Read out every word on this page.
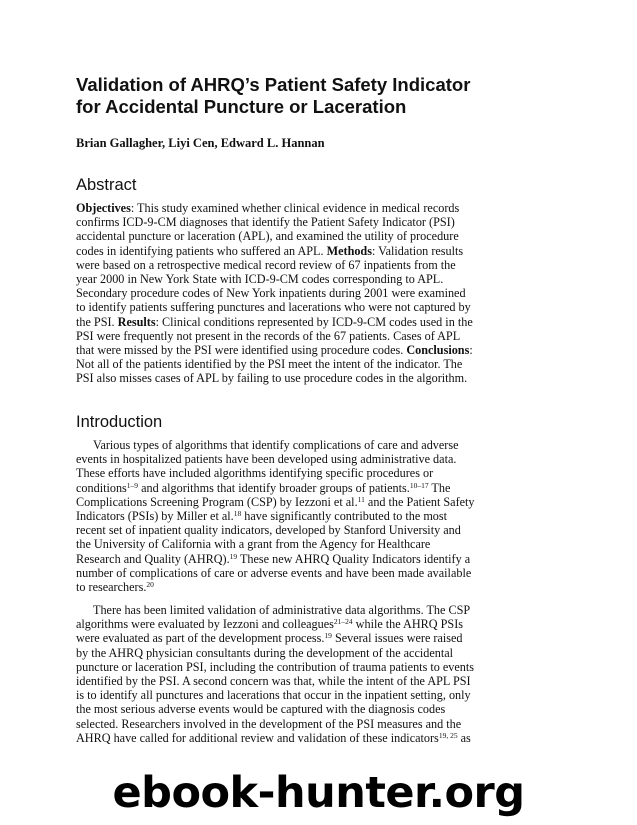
Validation of AHRQ’s Patient Safety Indicator
for Accidental Puncture or Laceration

Brian Gallagher, Liyi Cen, Edward L. Hannan

Abstract
Objectives: This study examined whether clinical evidence in medical records
confirms ICD-9-CM diagnoses that identify the Patient Safety Indicator (PSI)
accidental puncture or laceration (APL), and examined the utility of procedure
codes in identifying patients who suffered an APL. Methods: Validation results
were based on a retrospective medical record review of 67 inpatients from the
year 2000 in New York State with ICD-9-CM codes corresponding to APL.
Secondary procedure codes of New York inpatients during 2001 were examined
to identify patients suffering punctures and lacerations who were not captured by
the PSI. Results: Clinical conditions represented by ICD-9-CM codes used in the
PSI were frequently not present in the records of the 67 patients. Cases of APL
that were missed by the PSI were identified using procedure codes. Conclusions:
Not all of the patients identified by the PSI meet the intent of the indicator. The
PSI also misses cases of APL by failing to use procedure codes in the algorithm.
Introduction
Various types of algorithms that identify complications of care and adverse
events in hospitalized patients have been developed using administrative data.
These efforts have included algorithms identifying specific procedures or
conditions$^{1-9}$ and algorithms that identify broader groups of patients.$^{10-17}$ The
Complications Screening Program (CSP) by Iezzoni et al.$^{11}$ and the Patient Safety
Indicators (PSIs) by Miller et al.$^{18}$ have significantly contributed to the most
recent set of inpatient quality indicators, developed by Stanford University and
the University of California with a grant from the Agency for Healthcare
Research and Quality (AHRQ).$^{19}$ These new AHRQ Quality Indicators identify a
number of complications of care or adverse events and have been made available
to researchers.$^{20}$
There has been limited validation of administrative data algorithms. The CSP
algorithms were evaluated by Iezzoni and colleagues$^{21-24}$ while the AHRQ PSIs
were evaluated as part of the development process.$^{19}$ Several issues were raised
by the AHRQ physician consultants during the development of the accidental
puncture or laceration PSI, including the contribution of trauma patients to events
identified by the PSI. A second concern was that, while the intent of the APL PSI
is to identify all punctures and lacerations that occur in the inpatient setting, only
the most serious adverse events would be captured with the diagnosis codes
selected. Researchers involved in the development of the PSI measures and the
AHRQ have called for additional review and validation of these indicators$^{19, 25}$ as
ebook-hunter.org
